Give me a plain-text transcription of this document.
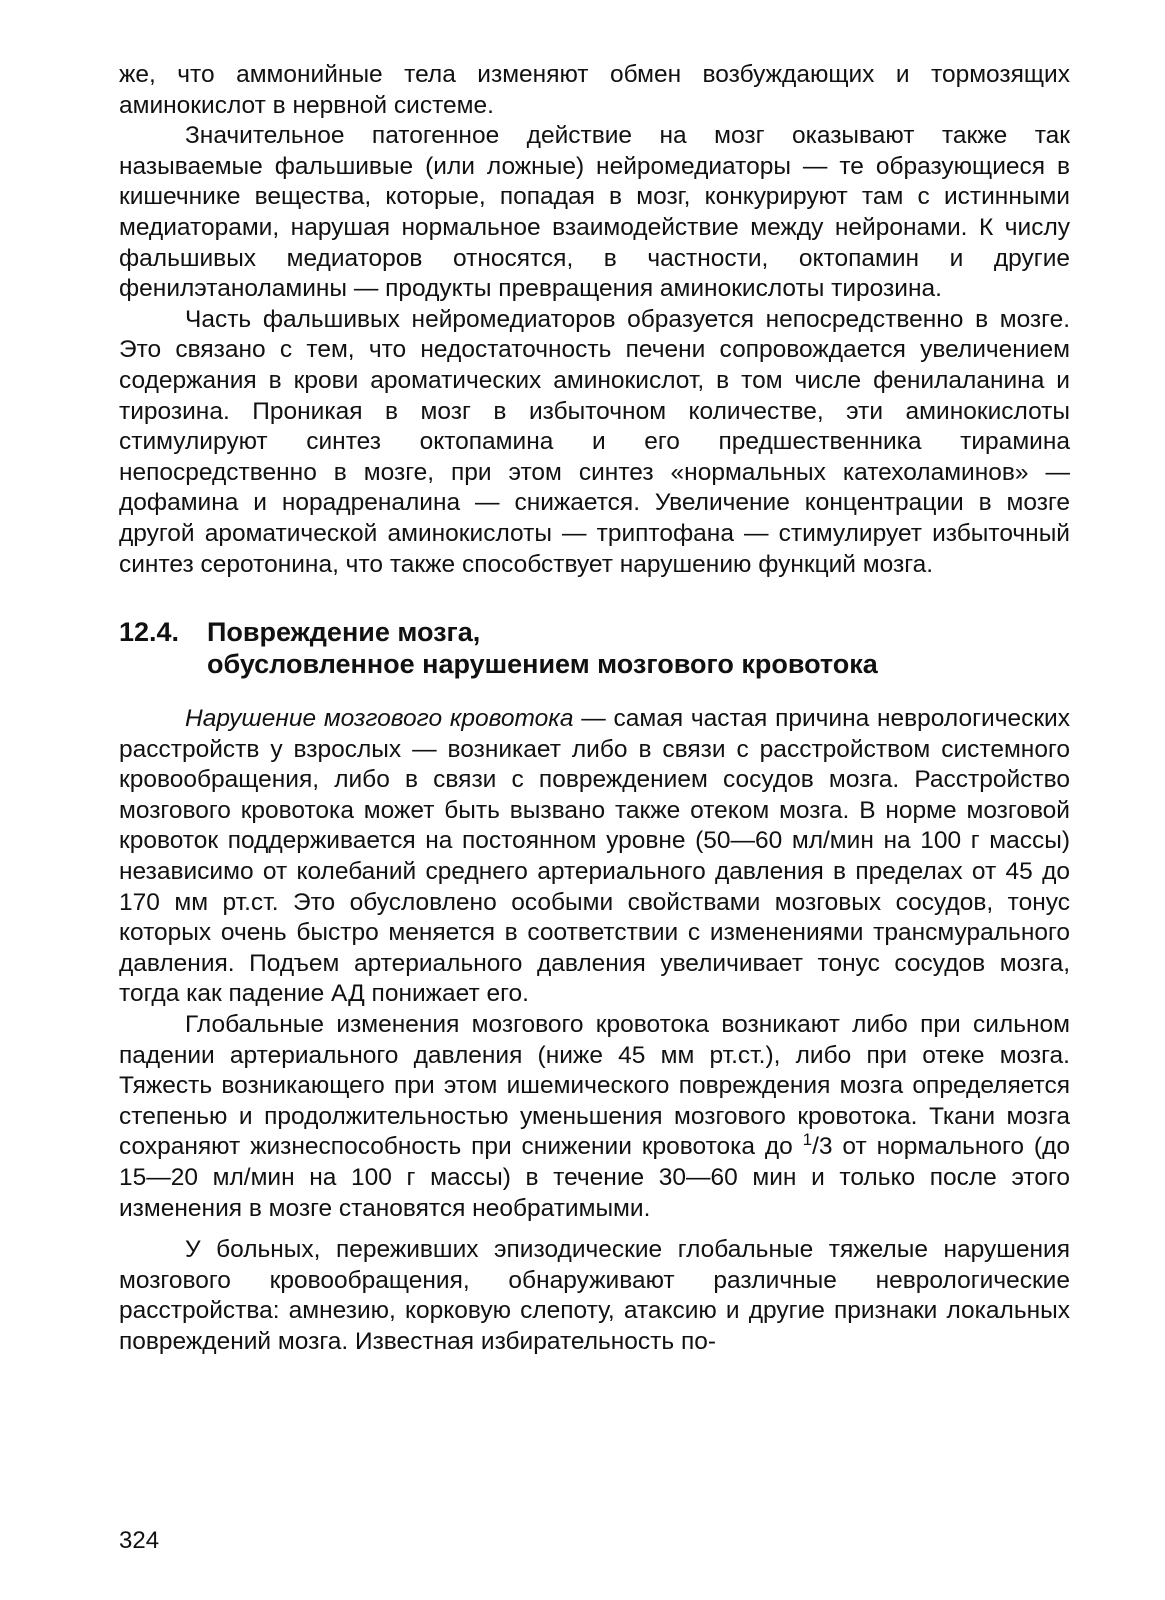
же, что аммонийные тела изменяют обмен возбуждающих и тормозящих аминокислот в нервной системе.

Значительное патогенное действие на мозг оказывают также так называемые фальшивые (или ложные) нейромедиаторы — те образующиеся в кишечнике вещества, которые, попадая в мозг, конкурируют там с истинными медиаторами, нарушая нормальное взаимодействие между нейронами. К числу фальшивых медиаторов относятся, в частности, октопамин и другие фенилэтаноламины — продукты превращения аминокислоты тирозина.

Часть фальшивых нейромедиаторов образуется непосредственно в мозге. Это связано с тем, что недостаточность печени сопровождается увеличением содержания в крови ароматических аминокислот, в том числе фенилаланина и тирозина. Проникая в мозг в избыточном количестве, эти аминокислоты стимулируют синтез октопамина и его предшественника тирамина непосредственно в мозге, при этом синтез «нормальных катехоламинов» — дофамина и норадреналина — снижается. Увеличение концентрации в мозге другой ароматической аминокислоты — триптофана — стимулирует избыточный синтез серотонина, что также способствует нарушению функций мозга.

12.4.	Повреждение мозга,
обусловленное нарушением мозгового кровотока

Нарушение мозгового кровотока — самая частая причина неврологических расстройств у взрослых — возникает либо в связи с расстройством системного кровообращения, либо в связи с повреждением сосудов мозга. Расстройство мозгового кровотока может быть вызвано также отеком мозга. В норме мозговой кровоток поддерживается на постоянном уровне (50—60 мл/мин на 100 г массы) независимо от колебаний среднего артериального давления в пределах от 45 до 170 мм рт.ст. Это обусловлено особыми свойствами мозговых сосудов, тонус которых очень быстро меняется в соответствии с изменениями трансмурального давления. Подъем артериального давления увеличивает тонус сосудов мозга, тогда как падение АД понижает его.

Глобальные изменения мозгового кровотока возникают либо при сильном падении артериального давления (ниже 45 мм рт.ст.), либо при отеке мозга. Тяжесть возникающего при этом ишемического повреждения мозга определяется степенью и продолжительностью уменьшения мозгового кровотока. Ткани мозга сохраняют жизнеспособность при снижении кровотока до $^1$/3 от нормального (до 15—20 мл/мин на 100 г массы) в течение 30—60 мин и только после этого изменения в мозге становятся необратимыми.

У больных, переживших эпизодические глобальные тяжелые нарушения мозгового кровообращения, обнаруживают различные неврологические расстройства: амнезию, корковую слепоту, атаксию и другие признаки локальных повреждений мозга. Известная избирательность по-

324
